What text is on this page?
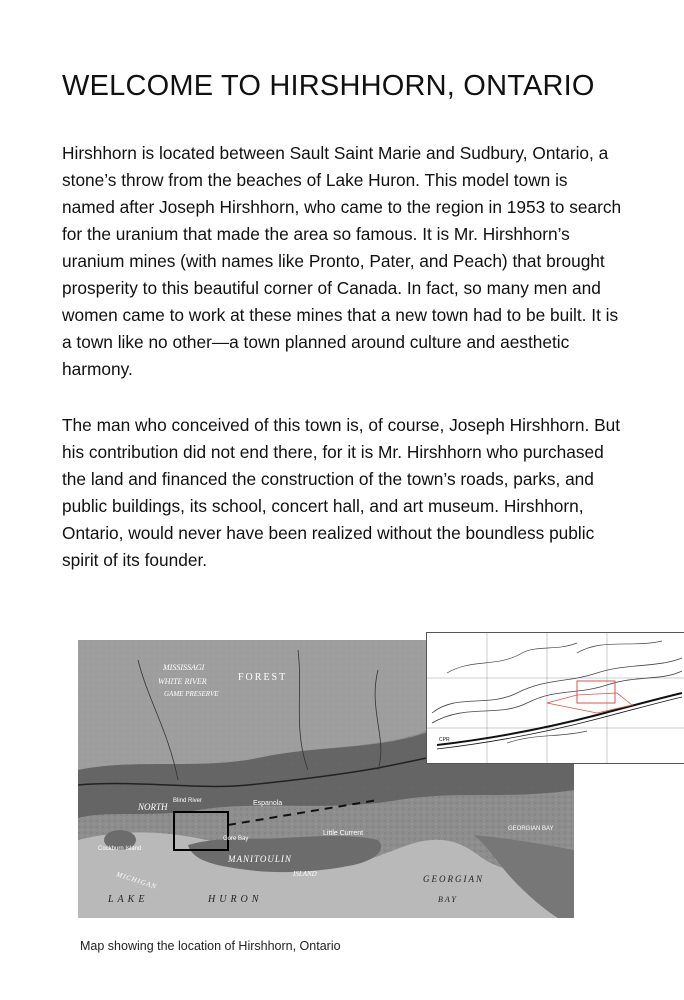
WELCOME TO HIRSHHORN, ONTARIO

Hirshhorn is located between Sault Saint Marie and Sudbury, Ontario, a stone’s throw from the beaches of Lake Huron. This model town is named after Joseph Hirshhorn, who came to the region in 1953 to search for the uranium that made the area so famous. It is Mr. Hirshhorn’s uranium mines (with names like Pronto, Pater, and Peach) that brought prosperity to this beautiful corner of Canada. In fact, so many men and women came to work at these mines that a new town had to be built. It is a town like no other—a town planned around culture and aesthetic harmony.

The man who conceived of this town is, of course, Joseph Hirshhorn. But his contribution did not end there, for it is Mr. Hirshhorn who purchased the land and financed the construction of the town’s roads, parks, and public buildings, its school, concert hall, and art museum. Hirshhorn, Ontario, would never have been realized without the boundless public spirit of its founder.

MISSISSAGI
WHITE RIVER
GAME PRESERVE
FOREST
NORTH	Espanola
Blind River
Gore Bay
Little Current
Cockburn Island
MANITOULIN
ISLAND
LAKE	HURON
GEORGIAN
BAY
MICHIGAN
GEORGIAN BAY
CPR

Map showing the location of Hirshhorn, Ontario
